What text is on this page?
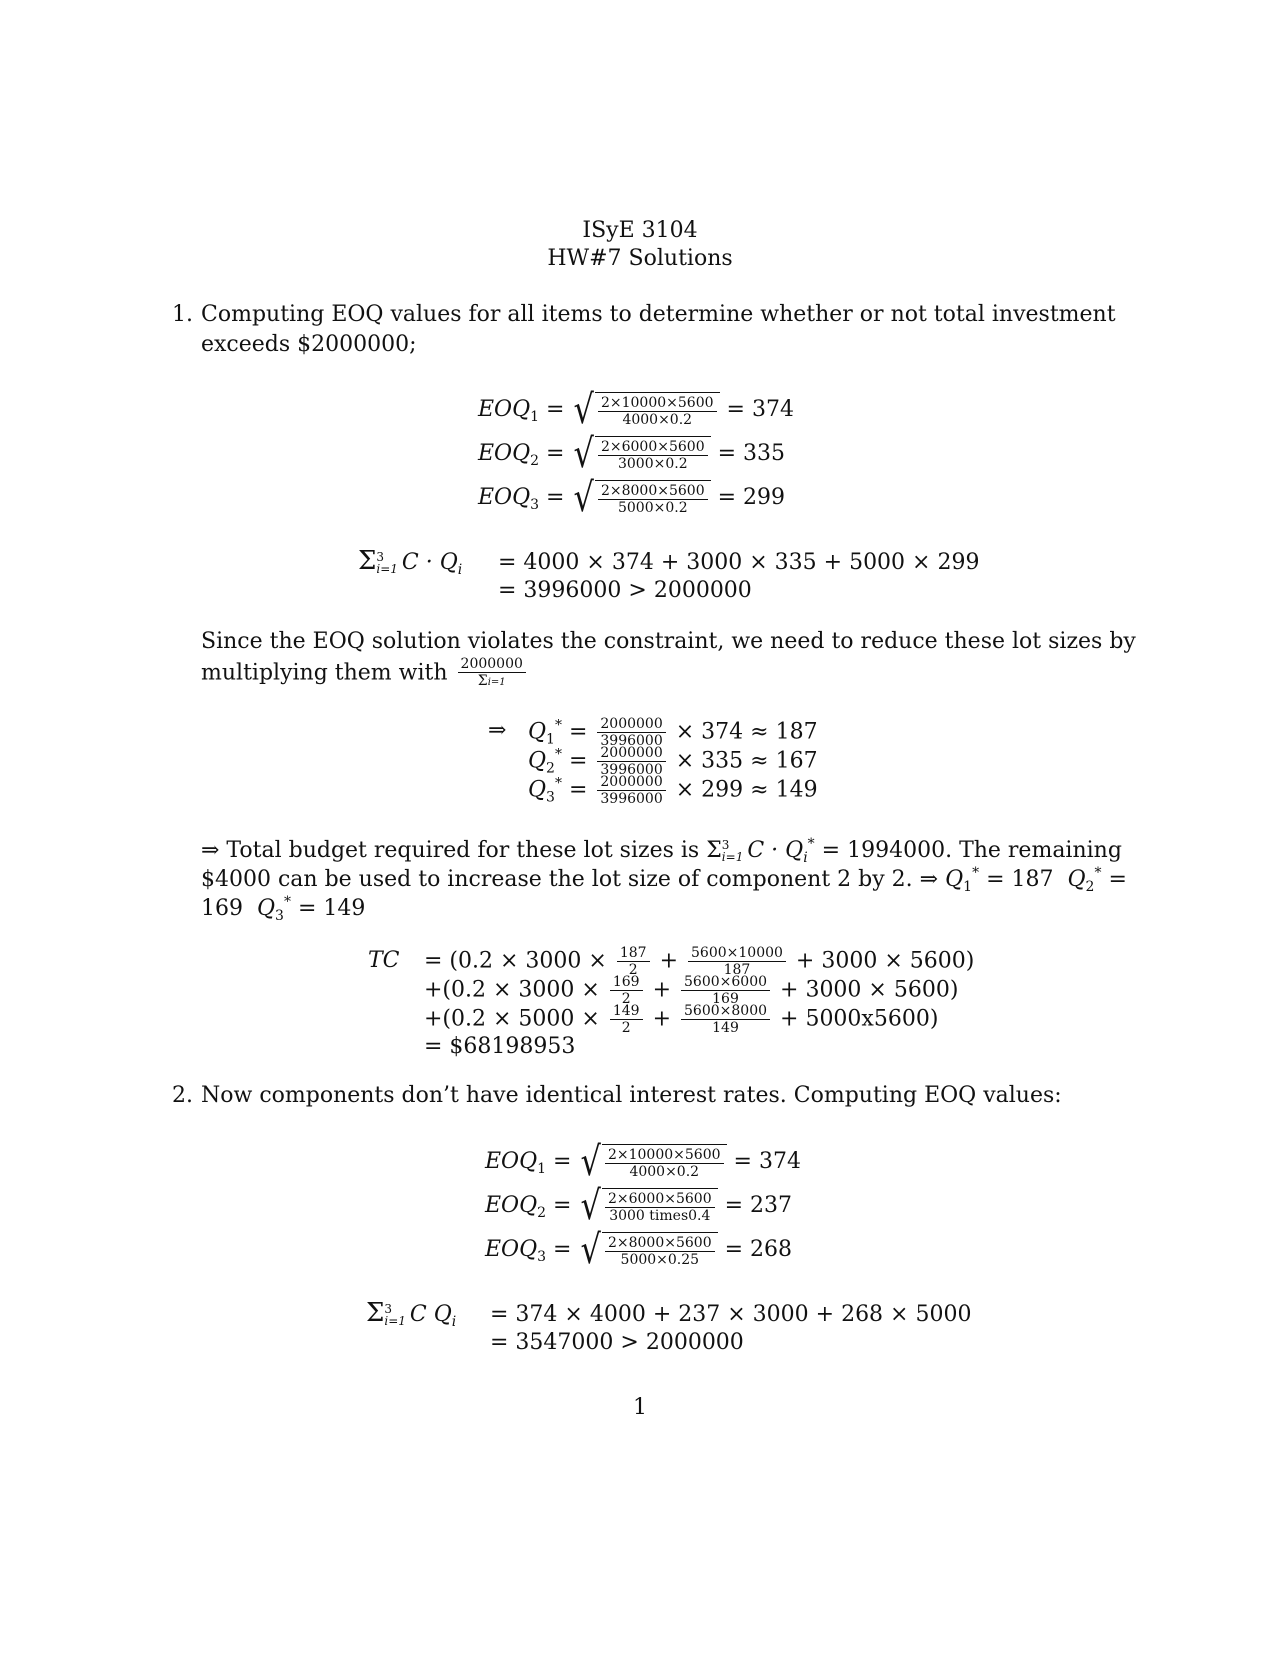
ISyE 3104
HW#7 Solutions
1. Computing EOQ values for all items to determine whether or not total investment
exceeds $2000000;
$EOQ_1$ = √ $\frac{2\times 10000\times 5600}{4000\times 0.2} = 374$
$EOQ_2$ = √ $\frac{2\times 6000\times 5600}{3000\times 0.2} = 335$
$EOQ_3$ = √ $\frac{2\times 8000\times 5600}{5000\times 0.2} = 299$
Σ 3
i=1 $C \cdot Q_i = 4000 \times 374 + 3000 \times 335 + 5000 \times 299$
= 3996000 > 2000000
Since the EOQ solution violates the constraint, we need to reduce these lot sizes by
multiplying them with $\frac{2000000}{\Sigma i=1}$
⇒ $Q_1^* = \frac{2000000}{3996000} \times 374 \approx 187$
$Q_2^* = \frac{2000000}{3996000} \times 335 \approx 167$
$Q_3^* = \frac{2000000}{3996000} \times 299 \approx 149$
⇒ Total budget required for these lot sizes is Σ 3
i=1 $C \cdot Q_i^* = 1994000$. The remaining
$4000 can be used to increase the lot size of component 2 by 2. ⇒ $Q_1^* = 187$ $Q_2^*$ =
169 $Q_3^* = 149$
TC = $(0.2 \times 3000 \times \frac{187}{2} + \frac{5600\times 10000}{187} + 3000 \times 5600)$
$+(0.2 \times 3000 \times \frac{169}{2} + \frac{5600\times 6000}{169} + 3000 \times 5600)$
$+(0.2 \times 5000 \times \frac{149}{2} + \frac{5600\times 8000}{149} + 5000x5600)$
= $68198953
2. Now components don’t have identical interest rates. Computing EOQ values:
$EOQ_1$ = √ $\frac{2\times 10000\times 5600}{4000\times 0.2} = 374$
$EOQ_2$ = √ $\frac{2\times 6000\times 5600}{\text{3000 times0.4}} = 237$
$EOQ_3$ = √ $\frac{2\times 8000\times 5600}{5000\times 0.25} = 268$
Σ 3
i=1 C $Q_i = 374 \times 4000 + 237 \times 3000 + 268 \times 5000$
= 3547000 > 2000000
1
